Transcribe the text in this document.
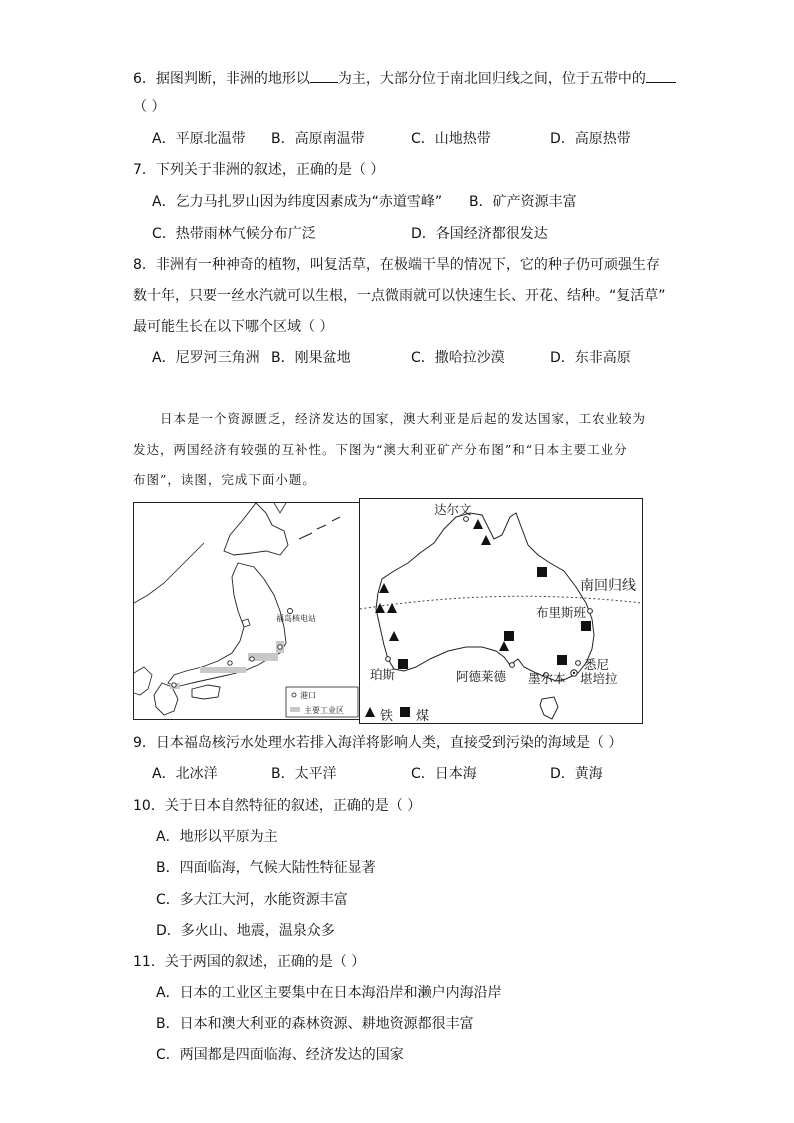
6．据图判断，非洲的地形以 为主，大部分位于南北回归线之间，位于五带中的
（ ）
A．平原北温带 B．高原南温带	C．山地热带	D．高原热带
7．下列关于非洲的叙述，正确的是（ ）
A．乞力马扎罗山因为纬度因素成为“赤道雪峰” B．矿产资源丰富
C．热带雨林气候分布广泛	D．各国经济都很发达
8．非洲有一种神奇的植物，叫复活草，在极端干旱的情况下，它的种子仍可顽强生存
数十年，只要一丝水汽就可以生根，一点微雨就可以快速生长、开花、结种。“复活草”
最可能生长在以下哪个区域（ ）
A．尼罗河三角洲 B．刚果盆地	C．撒哈拉沙漠	D．东非高原
日本是一个资源匮乏，经济发达的国家，澳大利亚是后起的发达国家，工农业较为
发达，两国经济有较强的互补性。下图为“澳大利亚矿产分布图”和“日本主要工业分
布图”，读图，完成下面小题。
福岛核电站
港口
主要工业区
达尔文
南回归线
布里斯班
珀斯	阿德莱德 墨尔本
悉尼
堪培拉
铁 煤
9．日本福岛核污水处理水若排入海洋将影响人类，直接受到污染的海域是（ ）
A．北冰洋	B．太平洋	C．日本海	D．黄海
10．关于日本自然特征的叙述，正确的是（ ）
A．地形以平原为主
B．四面临海，气候大陆性特征显著
C．多大江大河，水能资源丰富
D．多火山、地震，温泉众多
11．关于两国的叙述，正确的是（ ）
A．日本的工业区主要集中在日本海沿岸和濑户内海沿岸
B．日本和澳大利亚的森林资源、耕地资源都很丰富
C．两国都是四面临海、经济发达的国家
